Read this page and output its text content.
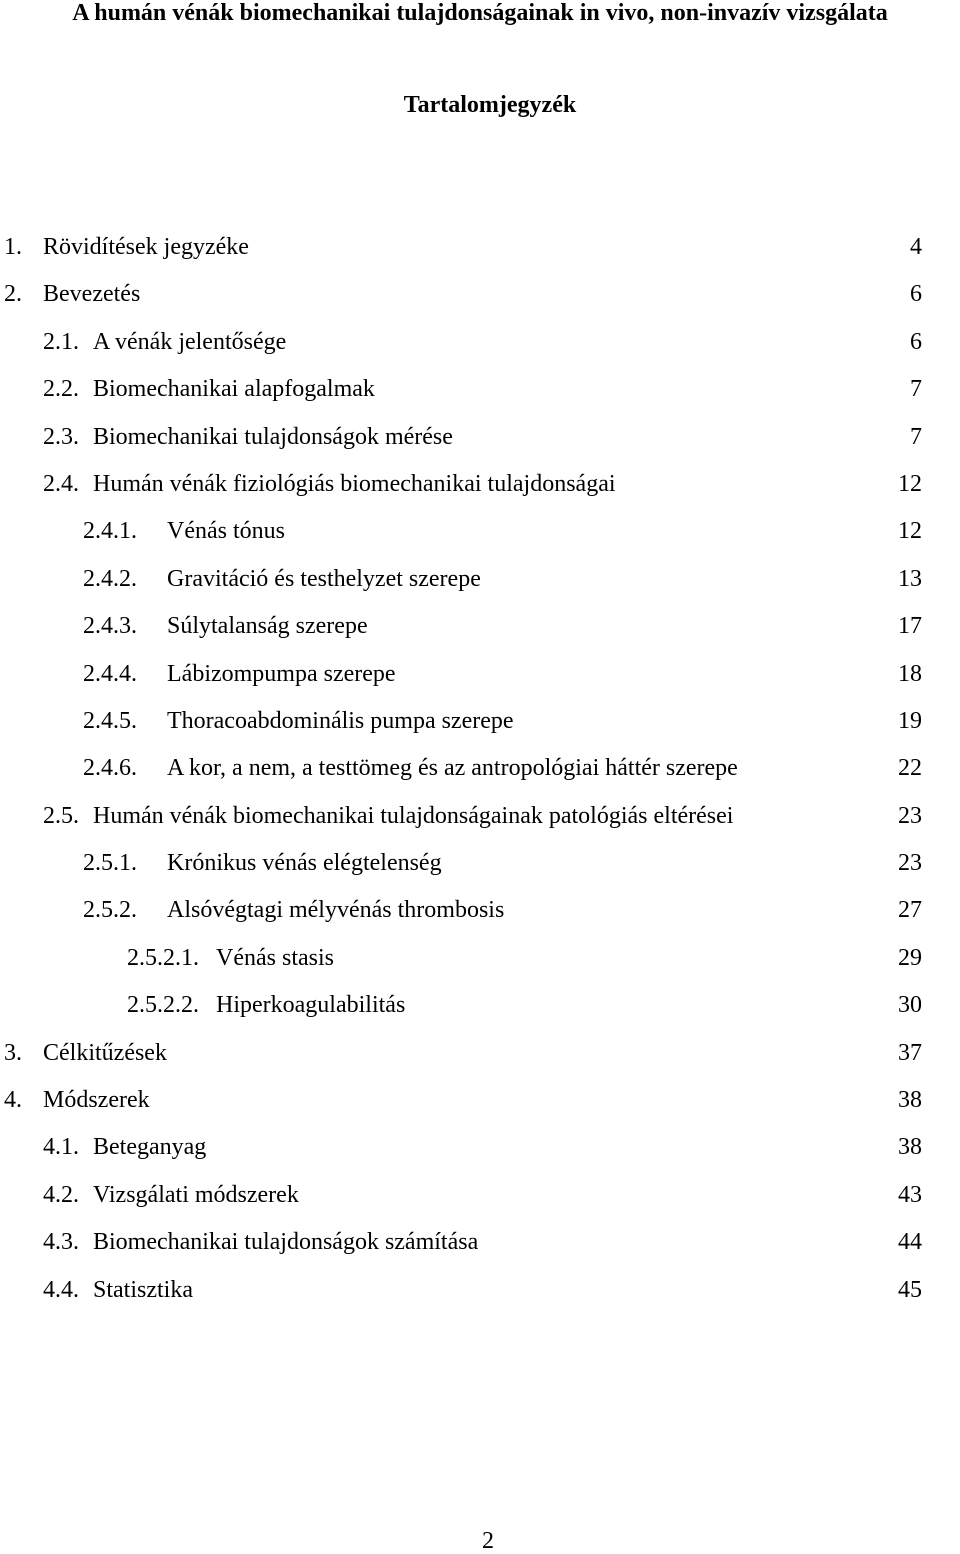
A humán vénák biomechanikai tulajdonságainak in vivo, non-invazív vizsgálata
Tartalomjegyzék
1. Rövidítések jegyzéke	4
2. Bevezetés	6
2.1. A vénák jelentősége	6
2.2. Biomechanikai alapfogalmak	7
2.3. Biomechanikai tulajdonságok mérése	7
2.4. Humán vénák fiziológiás biomechanikai tulajdonságai	12
2.4.1. Vénás tónus	12
2.4.2. Gravitáció és testhelyzet szerepe	13
2.4.3. Súlytalanság szerepe	17
2.4.4. Lábizompumpa szerepe	18
2.4.5. Thoracoabdominális pumpa szerepe	19
2.4.6. A kor, a nem, a testtömeg és az antropológiai háttér szerepe	22
2.5. Humán vénák biomechanikai tulajdonságainak patológiás eltérései	23
2.5.1. Krónikus vénás elégtelenség	23
2.5.2. Alsóvégtagi mélyvénás thrombosis	27
2.5.2.1. Vénás stasis	29
2.5.2.2. Hiperkoagulabilitás	30
3. Célkitűzések	37
4. Módszerek	38
4.1. Beteganyag	38
4.2. Vizsgálati módszerek	43
4.3. Biomechanikai tulajdonságok számítása	44
4.4. Statisztika	45
2
